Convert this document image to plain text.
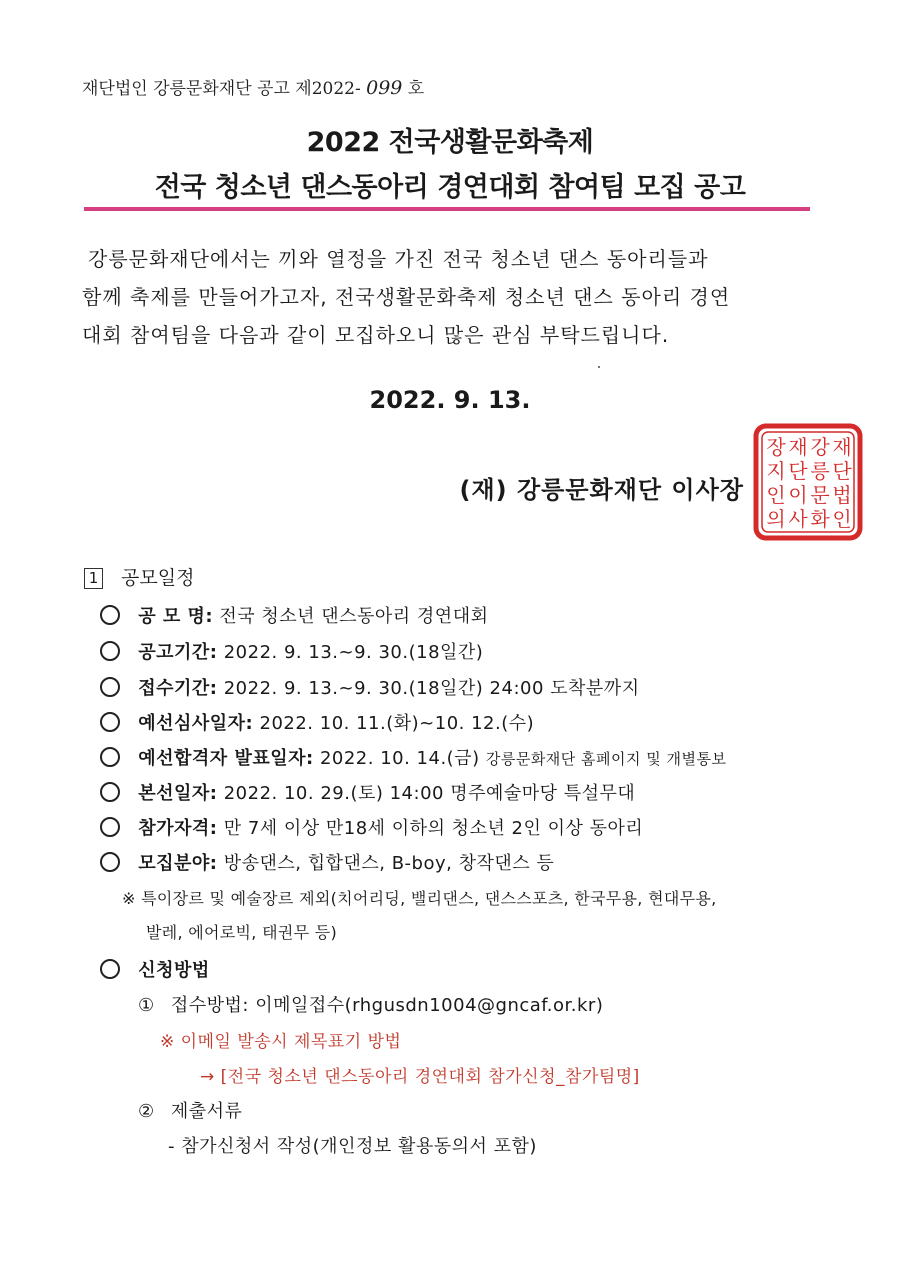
재단법인 강릉문화재단 공고 제2022- 099 호
2022 전국생활문화축제
전국 청소년 댄스동아리 경연대회 참여팀 모집 공고

강릉문화재단에서는 끼와 열정을 가진 전국 청소년 댄스 동아리들과

함께 축제를 만들어가고자, 전국생활문화축제 청소년 댄스 동아리 경연

대회 참여팀을 다음과 같이 모집하오니 많은 관심 부탁드립니다.

2022. 9. 13.
(재) 강릉문화재단 이사장
재
단
법
인
강
릉
문
화
재
단
이
사
장
지
인
의
1 공모일정
공 모 명: 전국 청소년 댄스동아리 경연대회
공고기간: 2022. 9. 13.~9. 30.(18일간)
접수기간: 2022. 9. 13.~9. 30.(18일간) 24:00 도착분까지
예선심사일자: 2022. 10. 11.(화)~10. 12.(수)
예선합격자 발표일자: 2022. 10. 14.(금) 강릉문화재단 홈페이지 및 개별통보
본선일자: 2022. 10. 29.(토) 14:00 명주예술마당 특설무대
참가자격: 만 7세 이상 만18세 이하의 청소년 2인 이상 동아리
모집분야: 방송댄스, 힙합댄스, B-boy, 창작댄스 등
※ 특이장르 및 예술장르 제외(치어리딩, 밸리댄스, 댄스스포츠, 한국무용, 현대무용,
발레, 에어로빅, 태권무 등)
신청방법
① 접수방법: 이메일접수(rhgusdn1004@gncaf.or.kr)
※ 이메일 발송시 제목표기 방법
→ [전국 청소년 댄스동아리 경연대회 참가신청_참가팀명]
② 제출서류
- 참가신청서 작성(개인정보 활용동의서 포함)
